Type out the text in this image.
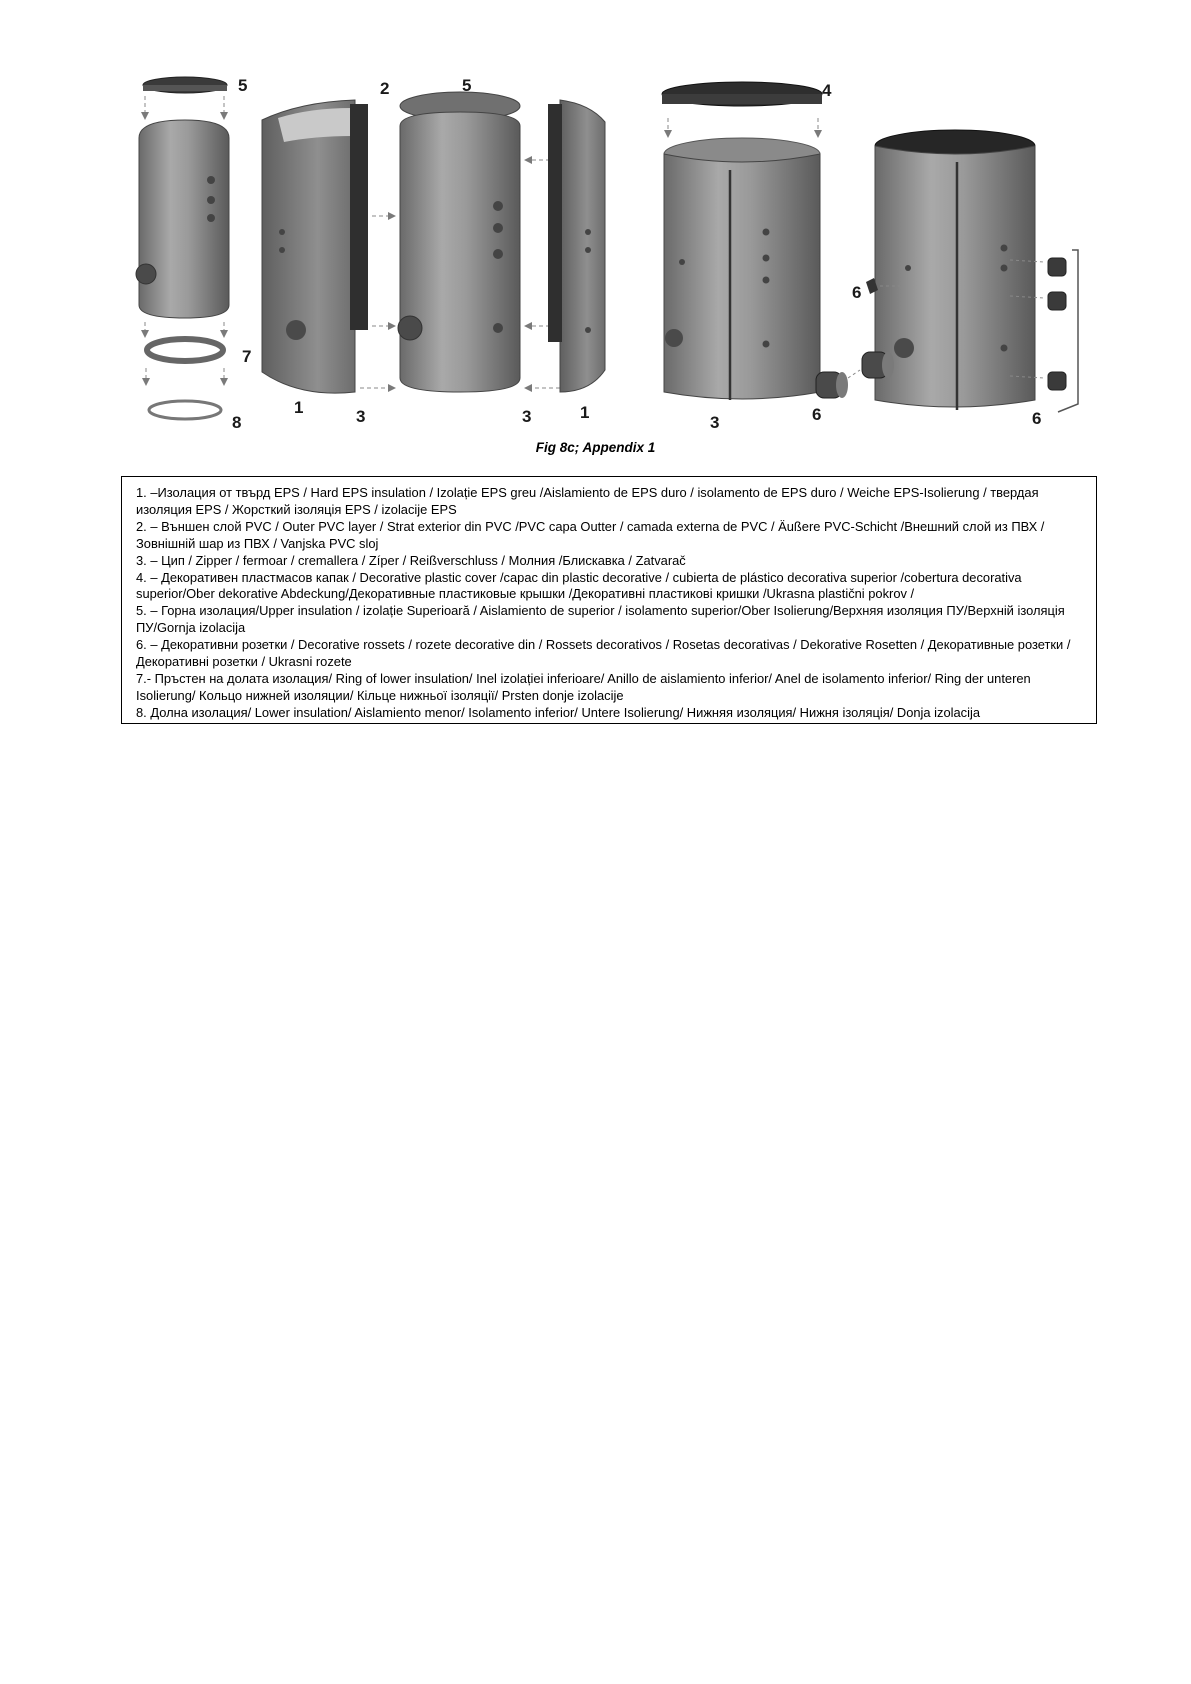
5
7
8
2	5
1	3	3	1
4
3
6
6	6
Fig 8c; Appendix 1

1. –Изолация от твърд EPS / Hard EPS insulation / Izolație EPS greu /Aislamiento de EPS duro / isolamento de EPS duro / Weiche EPS-Isolierung / твердая изоляция EPS / Жорсткий ізоляція EPS / izolacije EPS

2. – Външен слой PVC / Outer PVC layer / Strat exterior din PVC /PVC capa Outter / camada externa de PVC / Äußere PVC-Schicht /Внешний слой из ПВХ / Зовнішній шар из ПВХ / Vanjska PVC sloj

3. – Цип / Zipper / fermoar / cremallera / Zíper / Reißverschluss / Молния /Блискавка / Zatvarač

4. – Декоративен пластмасов капак / Decorative plastic cover /capac din plastic decorative / cubierta de plástico decorativa superior /cobertura decorativa superior/Ober dekorative Abdeckung/Декоративные пластиковые крышки /Декоративні пластикові кришки /Ukrasna plastični pokrov /

5. – Горна изолация/Upper insulation / izolație Superioară / Aislamiento de superior / isolamento superior/Ober Isolierung/Верхняя изоляция ПУ/Верхній ізоляція ПУ/Gornja izolacija

6. – Декоративни розетки / Decorative rossets / rozete decorative din / Rossets decorativos / Rosetas decorativas / Dekorative Rosetten / Декоративные розетки / Декоративні розетки / Ukrasni rozete

7.- Пръстен на долата изолация/ Ring of lower insulation/ Inel izolației inferioare/ Anillo de aislamiento inferior/ Anel de isolamento inferior/ Ring der unteren Isolierung/ Кольцо нижней изоляции/ Кільце нижньої ізоляції/ Prsten donje izolacije

8. Долна изолация/ Lower insulation/ Aislamiento menor/ Isolamento inferior/ Untere Isolierung/ Нижняя изоляция/ Нижня ізоляція/ Donja izolacija
